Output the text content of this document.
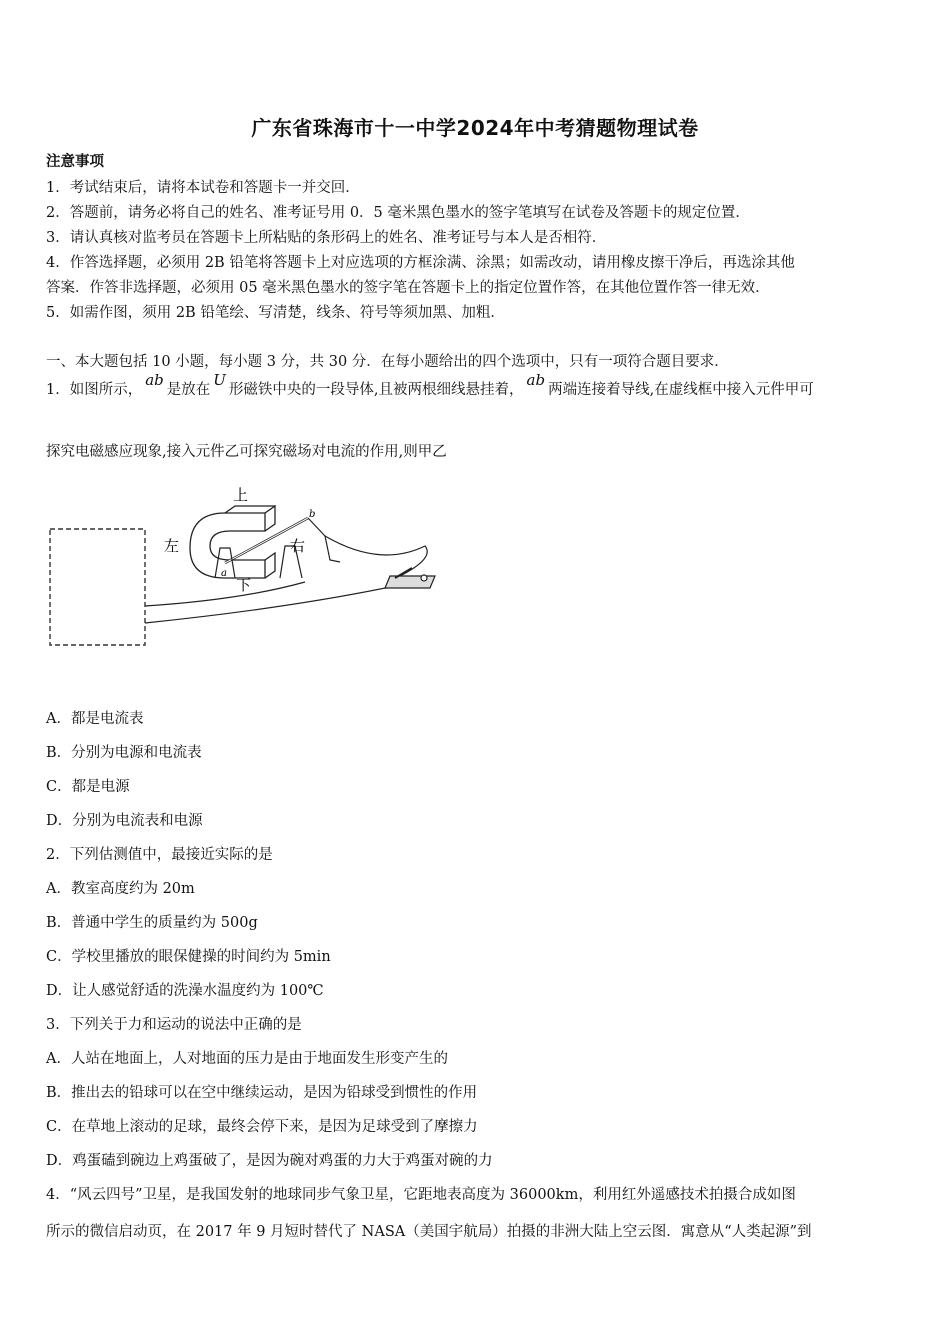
广东省珠海市十一中学2024年中考猜题物理试卷
注意事项
1．考试结束后，请将本试卷和答题卡一并交回．
2．答题前，请务必将自己的姓名、准考证号用 0．5 毫米黑色墨水的签字笔填写在试卷及答题卡的规定位置．
3．请认真核对监考员在答题卡上所粘贴的条形码上的姓名、准考证号与本人是否相符．
4．作答选择题，必须用 2B 铅笔将答题卡上对应选项的方框涂满、涂黑；如需改动，请用橡皮擦干净后，再选涂其他
答案．作答非选择题，必须用 05 毫米黑色墨水的签字笔在答题卡上的指定位置作答，在其他位置作答一律无效．
5．如需作图，须用 2B 铅笔绘、写清楚，线条、符号等须加黑、加粗．
一、本大题包括 10 小题，每小题 3 分，共 30 分．在每小题给出的四个选项中，只有一项符合题目要求．
1．如图所示，ab是放在U形磁铁中央的一段导体,且被两根细线悬挂着，ab两端连接着导线,在虚线框中接入元件甲可
探究电磁感应现象,接入元件乙可探究磁场对电流的作用,则甲乙
上
左	右
下
a
b
A．都是电流表
B．分别为电源和电流表
C．都是电源
D．分别为电流表和电源
2．下列估测值中，最接近实际的是
A．教室高度约为 20m
B．普通中学生的质量约为 500g
C．学校里播放的眼保健操的时间约为 5min
D．让人感觉舒适的洗澡水温度约为 100℃
3．下列关于力和运动的说法中正确的是
A．人站在地面上，人对地面的压力是由于地面发生形变产生的
B．推出去的铅球可以在空中继续运动，是因为铅球受到惯性的作用
C．在草地上滚动的足球，最终会停下来，是因为足球受到了摩擦力
D．鸡蛋磕到碗边上鸡蛋破了，是因为碗对鸡蛋的力大于鸡蛋对碗的力
4．“风云四号”卫星，是我国发射的地球同步气象卫星，它距地表高度为 36000km，利用红外遥感技术拍摄合成如图
所示的微信启动页，在 2017 年 9 月短时替代了 NASA（美国宇航局）拍摄的非洲大陆上空云图．寓意从“人类起源”到
